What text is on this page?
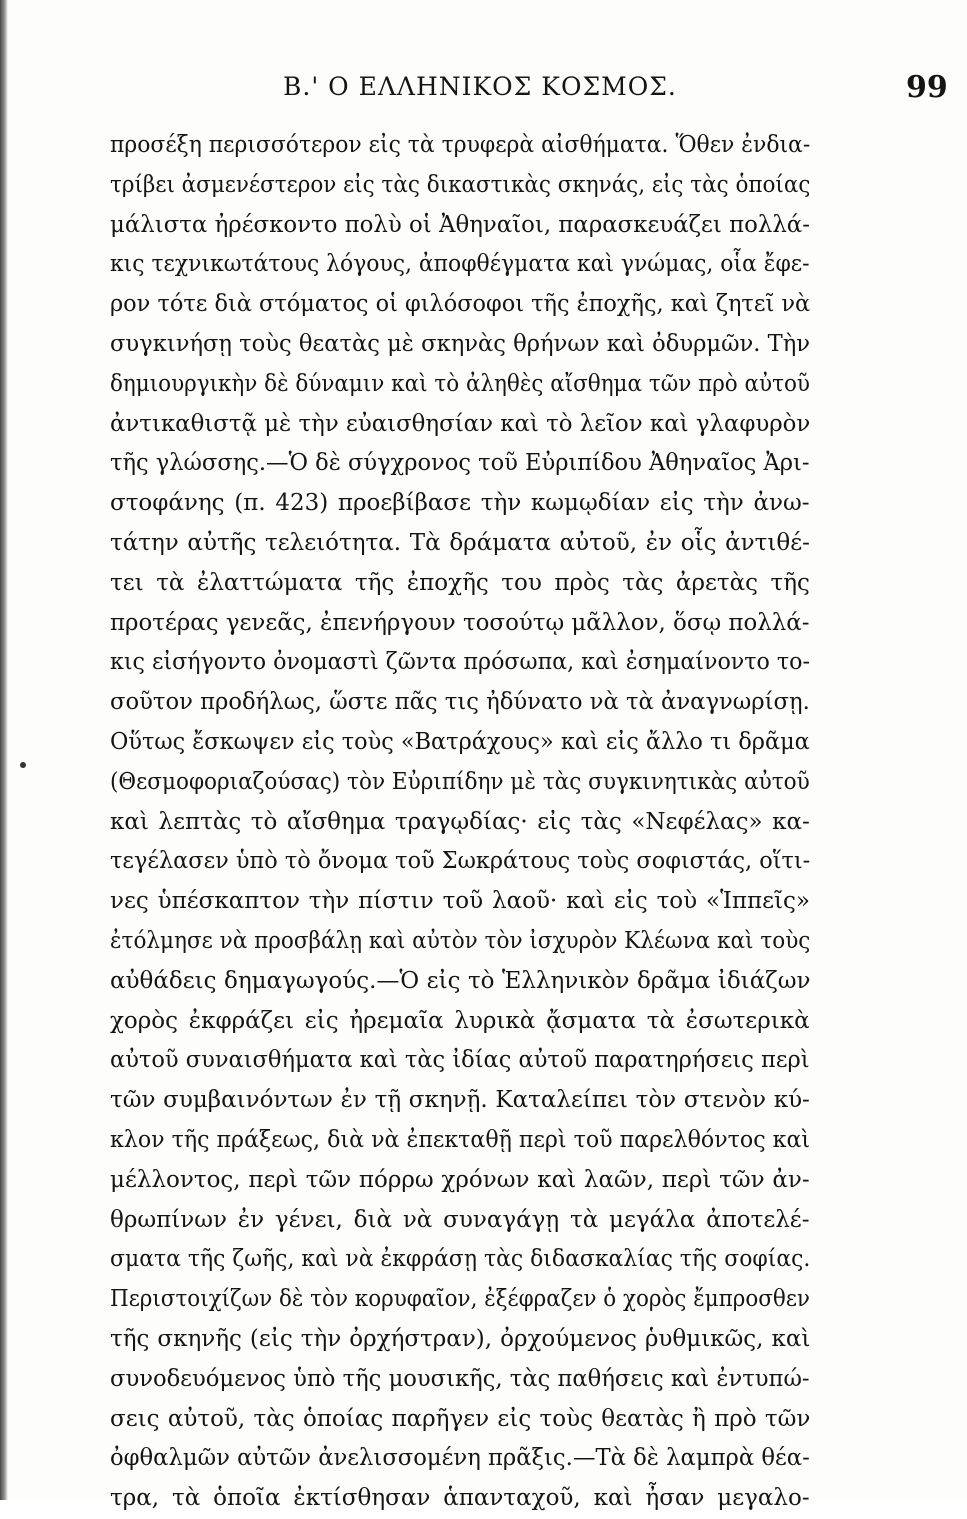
Β.' Ο ΕΛΛΗΝΙΚΟΣ ΚΟΣΜΟΣ.	99
προσέξη περισσότερον εἰς τὰ τρυφερὰ αἰσθήματα. Ὅθεν ἐνδια-
τρίβει ἀσμενέστερον εἰς τὰς δικαστικὰς σκηνάς, εἰς τὰς ὁποίας
μάλιστα ἠρέσκοντο πολὺ οἱ Ἀθηναῖοι, παρασκευάζει πολλά-
κις τεχνικωτάτους λόγους, ἀποφθέγματα καὶ γνώμας, οἷα ἔφε-
ρον τότε διὰ στόματος οἱ φιλόσοφοι τῆς ἐποχῆς, καὶ ζητεῖ νὰ
συγκινήσῃ τοὺς θεατὰς μὲ σκηνὰς θρήνων καὶ ὀδυρμῶν. Τὴν
δημιουργικὴν δὲ δύναμιν καὶ τὸ ἀληθὲς αἴσθημα τῶν πρὸ αὐτοῦ
ἀντικαθιστᾷ μὲ τὴν εὐαισθησίαν καὶ τὸ λεῖον καὶ γλαφυρὸν
τῆς γλώσσης.—Ὁ δὲ σύγχρονος τοῦ Εὐριπίδου Ἀθηναῖος Ἀρι-
στοφάνης (π. 423) προεβίβασε τὴν κωμῳδίαν εἰς τὴν ἀνω-
τάτην αὐτῆς τελειότητα. Τὰ δράματα αὐτοῦ, ἐν οἷς ἀντιθέ-
τει τὰ ἐλαττώματα τῆς ἐποχῆς του πρὸς τὰς ἀρετὰς τῆς
προτέρας γενεᾶς, ἐπενήργουν τοσούτῳ μᾶλλον, ὅσῳ πολλά-
κις εἰσήγοντο ὀνομαστὶ ζῶντα πρόσωπα, καὶ ἐσημαίνοντο το-
σοῦτον προδήλως, ὥστε πᾶς τις ἠδύνατο νὰ τὰ ἀναγνωρίσῃ.
Οὕτως ἔσκωψεν εἰς τοὺς «Βατράχους» καὶ εἰς ἄλλο τι δρᾶμα
(Θεσμοφοριαζούσας) τὸν Εὐριπίδην μὲ τὰς συγκινητικὰς αὐτοῦ
καὶ λεπτὰς τὸ αἴσθημα τραγῳδίας· εἰς τὰς «Νεφέλας» κα-
τεγέλασεν ὑπὸ τὸ ὄνομα τοῦ Σωκράτους τοὺς σοφιστάς, οἵτι-
νες ὑπέσκαπτον τὴν πίστιν τοῦ λαοῦ· καὶ εἰς τοὺ «Ἱππεῖς»
ἐτόλμησε νὰ προσβάλῃ καὶ αὐτὸν τὸν ἰσχυρὸν Κλέωνα καὶ τοὺς
αὐθάδεις δημαγωγούς.—Ὁ εἰς τὸ Ἑλληνικὸν δρᾶμα ἰδιάζων
χορὸς ἐκφράζει εἰς ἠρεμαῖα λυρικὰ ᾄσματα τὰ ἐσωτερικὰ
αὐτοῦ συναισθήματα καὶ τὰς ἰδίας αὐτοῦ παρατηρήσεις περὶ
τῶν συμβαινόντων ἐν τῇ σκηνῇ. Καταλείπει τὸν στενὸν κύ-
κλον τῆς πράξεως, διὰ νὰ ἐπεκταθῇ περὶ τοῦ παρελθόντος καὶ
μέλλοντος, περὶ τῶν πόρρω χρόνων καὶ λαῶν, περὶ τῶν ἀν-
θρωπίνων ἐν γένει, διὰ νὰ συναγάγῃ τὰ μεγάλα ἀποτελέ-
σματα τῆς ζωῆς, καὶ νὰ ἐκφράσῃ τὰς διδασκαλίας τῆς σοφίας.
Περιστοιχίζων δὲ τὸν κορυφαῖον, ἐξέφραζεν ὁ χορὸς ἔμπροσθεν
τῆς σκηνῆς (εἰς τὴν ὀρχήστραν), ὀρχούμενος ῥυθμικῶς, καὶ
συνοδευόμενος ὑπὸ τῆς μουσικῆς, τὰς παθήσεις καὶ ἐντυπώ-
σεις αὐτοῦ, τὰς ὁποίας παρῆγεν εἰς τοὺς θεατὰς ἢ πρὸ τῶν
ὀφθαλμῶν αὐτῶν ἀνελισσομένη πρᾶξις.—Τὰ δὲ λαμπρὰ θέα-
τρα, τὰ ὁποῖα ἐκτίσθησαν ἁπανταχοῦ, καὶ ἦσαν μεγαλο-
